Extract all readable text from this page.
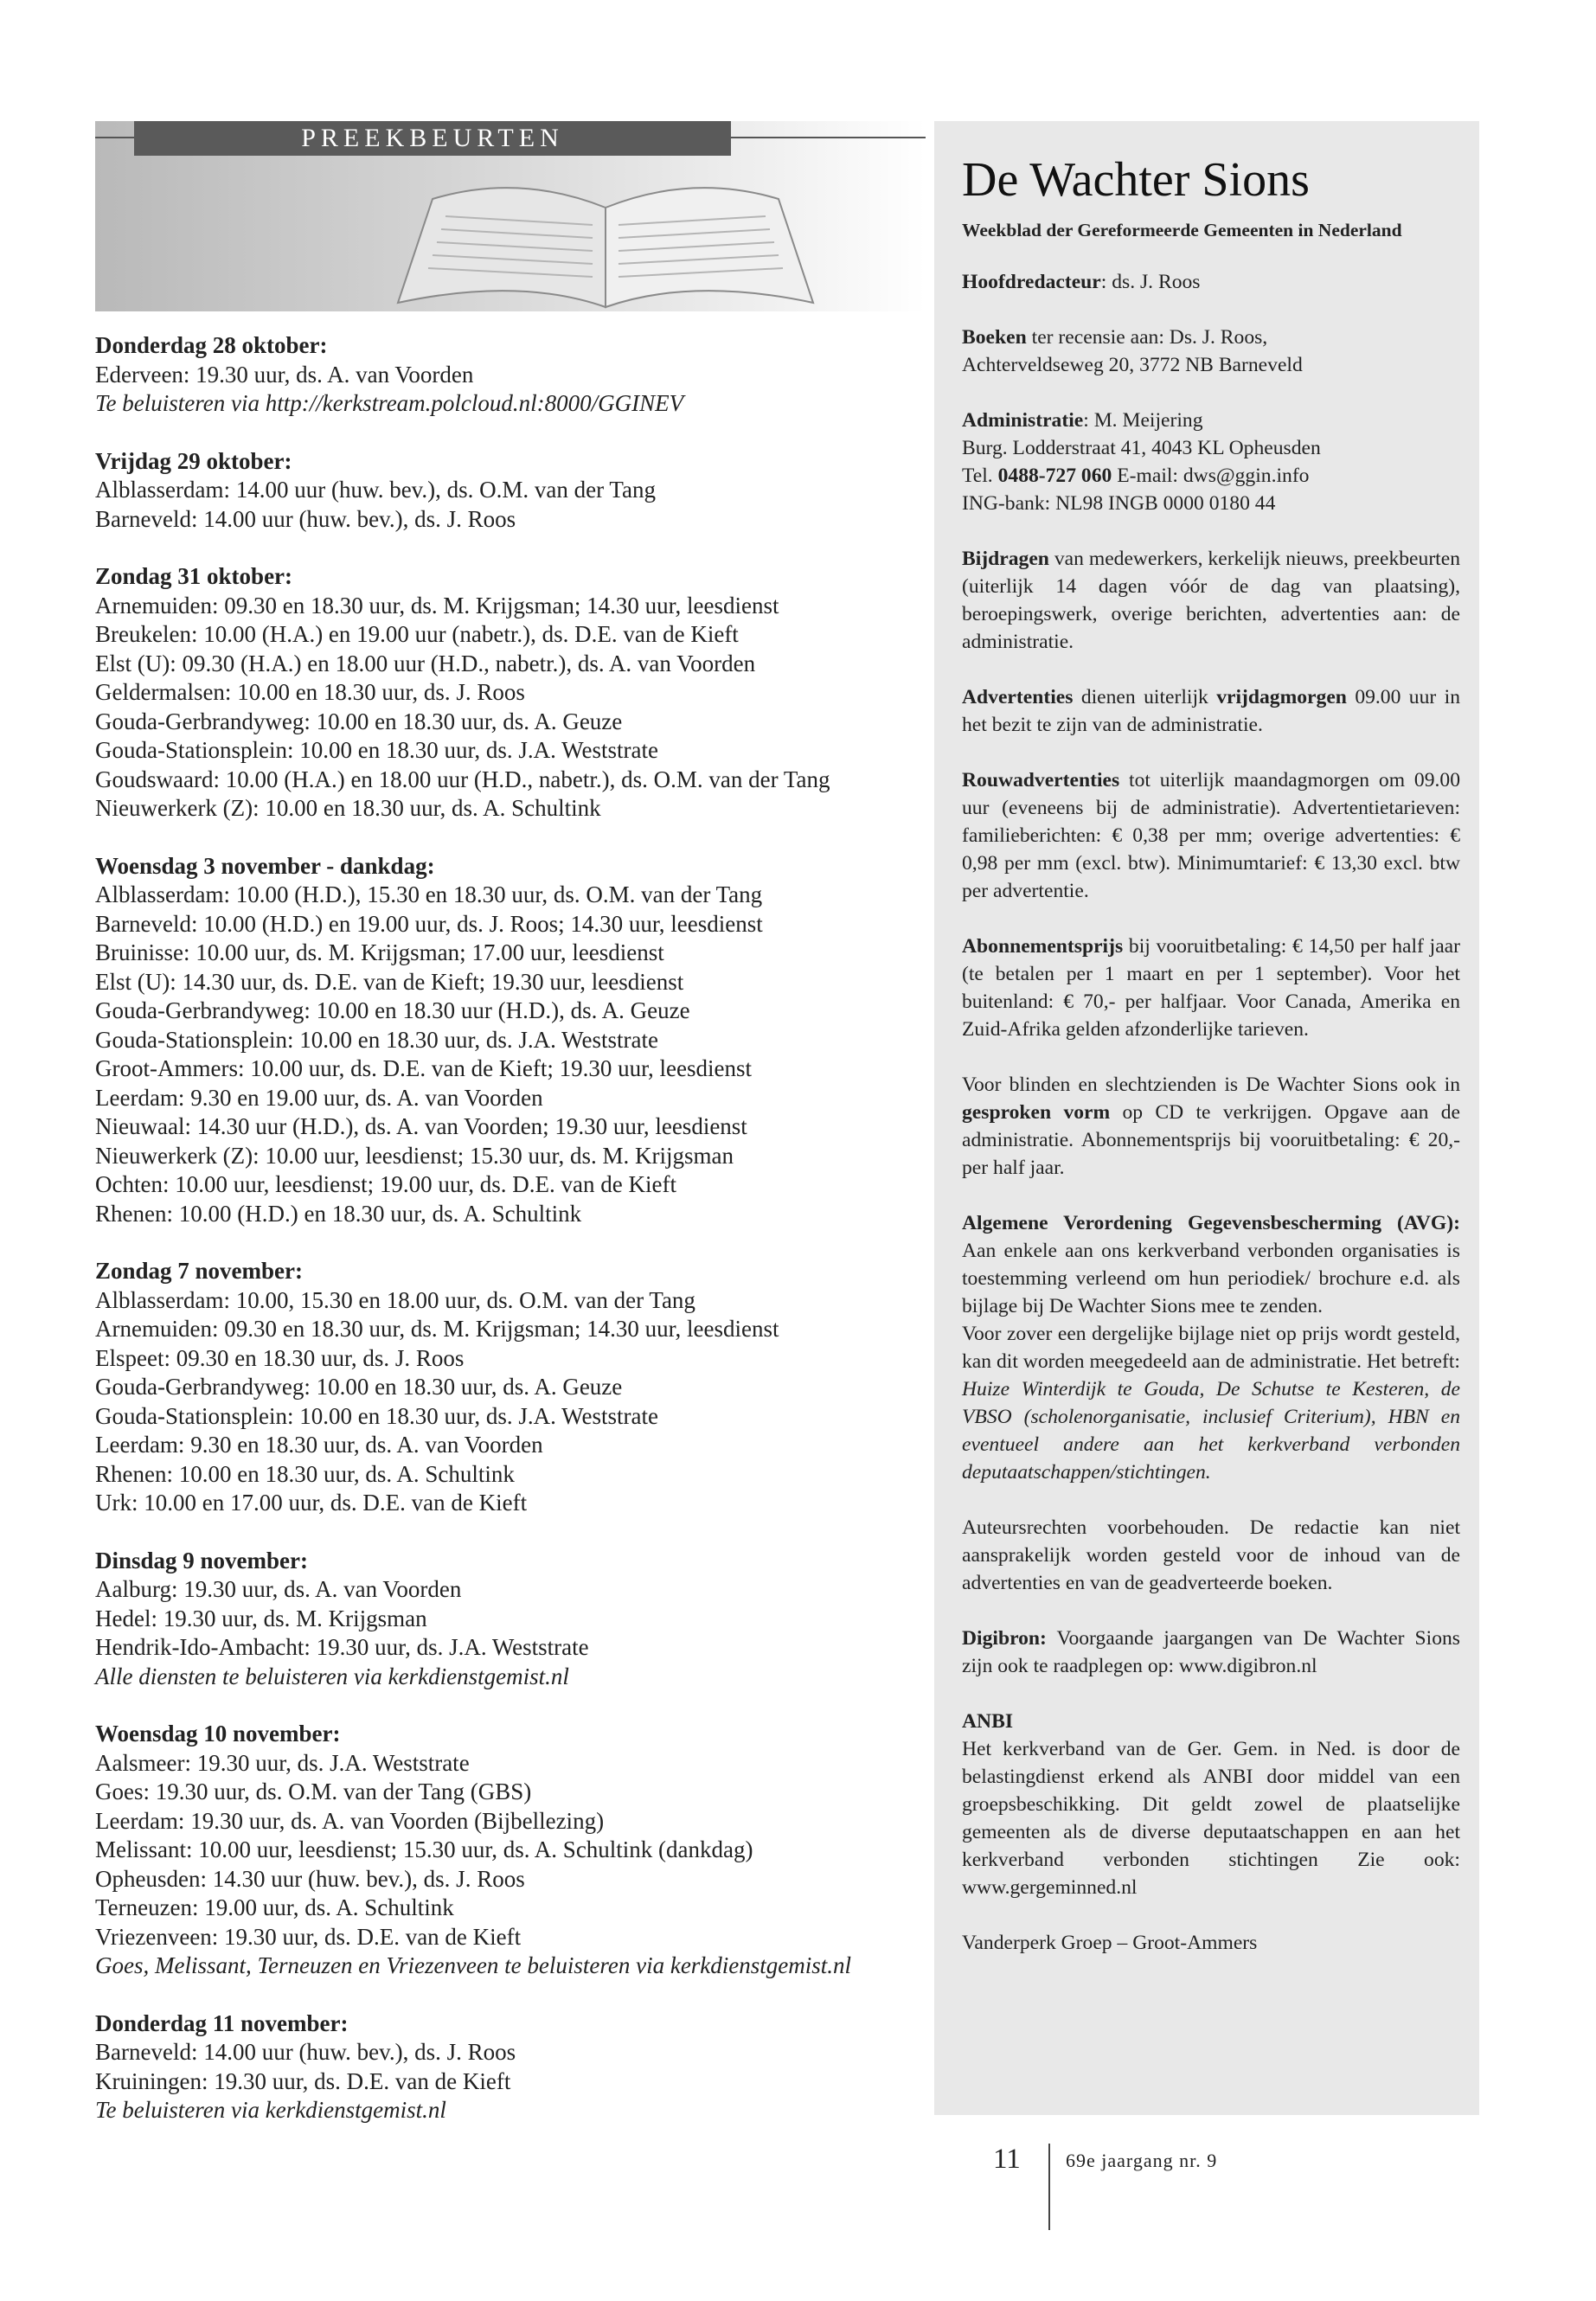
PREEKBEURTEN

Donderdag 28 oktober:

Ederveen: 19.30 uur, ds. A. van Voorden

Te beluisteren via http://kerkstream.polcloud.nl:8000/GGINEV

Vrijdag 29 oktober:

Alblasserdam: 14.00 uur (huw. bev.), ds. O.M. van der Tang

Barneveld: 14.00 uur (huw. bev.), ds. J. Roos

Zondag 31 oktober:

Arnemuiden: 09.30 en 18.30 uur, ds. M. Krijgsman; 14.30 uur, leesdienst

Breukelen: 10.00 (H.A.) en 19.00 uur (nabetr.), ds. D.E. van de Kieft

Elst (U): 09.30 (H.A.) en 18.00 uur (H.D., nabetr.), ds. A. van Voorden

Geldermalsen: 10.00 en 18.30 uur, ds. J. Roos

Gouda-Gerbrandyweg: 10.00 en 18.30 uur, ds. A. Geuze

Gouda-Stationsplein: 10.00 en 18.30 uur, ds. J.A. Weststrate

Goudswaard: 10.00 (H.A.) en 18.00 uur (H.D., nabetr.), ds. O.M. van der Tang

Nieuwerkerk (Z): 10.00 en 18.30 uur, ds. A. Schultink

Woensdag 3 november - dankdag:

Alblasserdam: 10.00 (H.D.), 15.30 en 18.30 uur, ds. O.M. van der Tang

Barneveld: 10.00 (H.D.) en 19.00 uur, ds. J. Roos; 14.30 uur, leesdienst

Bruinisse: 10.00 uur, ds. M. Krijgsman; 17.00 uur, leesdienst

Elst (U): 14.30 uur, ds. D.E. van de Kieft; 19.30 uur, leesdienst

Gouda-Gerbrandyweg: 10.00 en 18.30 uur (H.D.), ds. A. Geuze

Gouda-Stationsplein: 10.00 en 18.30 uur, ds. J.A. Weststrate

Groot-Ammers: 10.00 uur, ds. D.E. van de Kieft; 19.30 uur, leesdienst

Leerdam: 9.30 en 19.00 uur, ds. A. van Voorden

Nieuwaal: 14.30 uur (H.D.), ds. A. van Voorden; 19.30 uur, leesdienst

Nieuwerkerk (Z): 10.00 uur, leesdienst; 15.30 uur, ds. M. Krijgsman

Ochten: 10.00 uur, leesdienst; 19.00 uur, ds. D.E. van de Kieft

Rhenen: 10.00 (H.D.) en 18.30 uur, ds. A. Schultink

Zondag 7 november:

Alblasserdam: 10.00, 15.30 en 18.00 uur, ds. O.M. van der Tang

Arnemuiden: 09.30 en 18.30 uur, ds. M. Krijgsman; 14.30 uur, leesdienst

Elspeet: 09.30 en 18.30 uur, ds. J. Roos

Gouda-Gerbrandyweg: 10.00 en 18.30 uur, ds. A. Geuze

Gouda-Stationsplein: 10.00 en 18.30 uur, ds. J.A. Weststrate

Leerdam: 9.30 en 18.30 uur, ds. A. van Voorden

Rhenen: 10.00 en 18.30 uur, ds. A. Schultink

Urk: 10.00 en 17.00 uur, ds. D.E. van de Kieft

Dinsdag 9 november:

Aalburg: 19.30 uur, ds. A. van Voorden

Hedel: 19.30 uur, ds. M. Krijgsman

Hendrik-Ido-Ambacht: 19.30 uur, ds. J.A. Weststrate

Alle diensten te beluisteren via kerkdienstgemist.nl

Woensdag 10 november:

Aalsmeer: 19.30 uur, ds. J.A. Weststrate

Goes: 19.30 uur, ds. O.M. van der Tang (GBS)

Leerdam: 19.30 uur, ds. A. van Voorden (Bijbellezing)

Melissant: 10.00 uur, leesdienst; 15.30 uur, ds. A. Schultink (dankdag)

Opheusden: 14.30 uur (huw. bev.), ds. J. Roos

Terneuzen: 19.00 uur, ds. A. Schultink

Vriezenveen: 19.30 uur, ds. D.E. van de Kieft

Goes, Melissant, Terneuzen en Vriezenveen te beluisteren via kerkdienstgemist.nl

Donderdag 11 november:

Barneveld: 14.00 uur (huw. bev.), ds. J. Roos

Kruiningen: 19.30 uur, ds. D.E. van de Kieft

Te beluisteren via kerkdienstgemist.nl

De Wachter Sions
Weekblad der Gereformeerde Gemeenten in Nederland

Hoofdredacteur: ds. J. Roos

Boeken ter recensie aan: Ds. J. Roos,

Achterveldseweg 20, 3772 NB Barneveld

Administratie: M. Meijering

Burg. Lodderstraat 41, 4043 KL Opheusden

Tel. 0488-727 060 E-mail: dws@ggin.info

ING-bank: NL98 INGB 0000 0180 44

Bijdragen van medewerkers, kerkelijk nieuws, preekbeurten (uiterlijk 14 dagen vóór de dag van plaatsing), beroepingswerk, overige berichten, advertenties aan: de administratie.

Advertenties dienen uiterlijk vrijdagmorgen 09.00 uur in het bezit te zijn van de administratie.

Rouwadvertenties tot uiterlijk maandagmorgen om 09.00 uur (eveneens bij de administratie). Advertentietarieven: familieberichten: € 0,38 per mm; overige advertenties: € 0,98 per mm (excl. btw). Minimumtarief: € 13,30 excl. btw per advertentie.

Abonnementsprijs bij vooruitbetaling: € 14,50 per half jaar (te betalen per 1 maart en per 1 september). Voor het buitenland: € 70,- per halfjaar. Voor Canada, Amerika en Zuid-Afrika gelden afzonderlijke tarieven.

Voor blinden en slechtzienden is De Wachter Sions ook in gesproken vorm op CD te verkrijgen. Opgave aan de administratie. Abonnementsprijs bij vooruitbetaling: € 20,- per half jaar.

Algemene Verordening Gegevensbescherming (AVG): Aan enkele aan ons kerkverband verbonden organisaties is toestemming verleend om hun periodiek/ brochure e.d. als bijlage bij De Wachter Sions mee te zenden.

Voor zover een dergelijke bijlage niet op prijs wordt gesteld, kan dit worden meegedeeld aan de administratie. Het betreft: Huize Winterdijk te Gouda, De Schutse te Kesteren, de VBSO (scholenorganisatie, inclusief Criterium), HBN en eventueel andere aan het kerkverband verbonden deputaatschappen/stichtingen.

Auteursrechten voorbehouden. De redactie kan niet aansprakelijk worden gesteld voor de inhoud van de advertenties en van de geadverteerde boeken.

Digibron: Voorgaande jaargangen van De Wachter Sions zijn ook te raadplegen op: www.digibron.nl

ANBI

Het kerkverband van de Ger. Gem. in Ned. is door de belastingdienst erkend als ANBI door middel van een groepsbeschikking. Dit geldt zowel de plaatselijke gemeenten als de diverse deputaatschappen en aan het kerkverband verbonden stichtingen Zie ook: www.gergeminned.nl

Vanderperk Groep – Groot-Ammers

11 69e jaargang nr. 9
